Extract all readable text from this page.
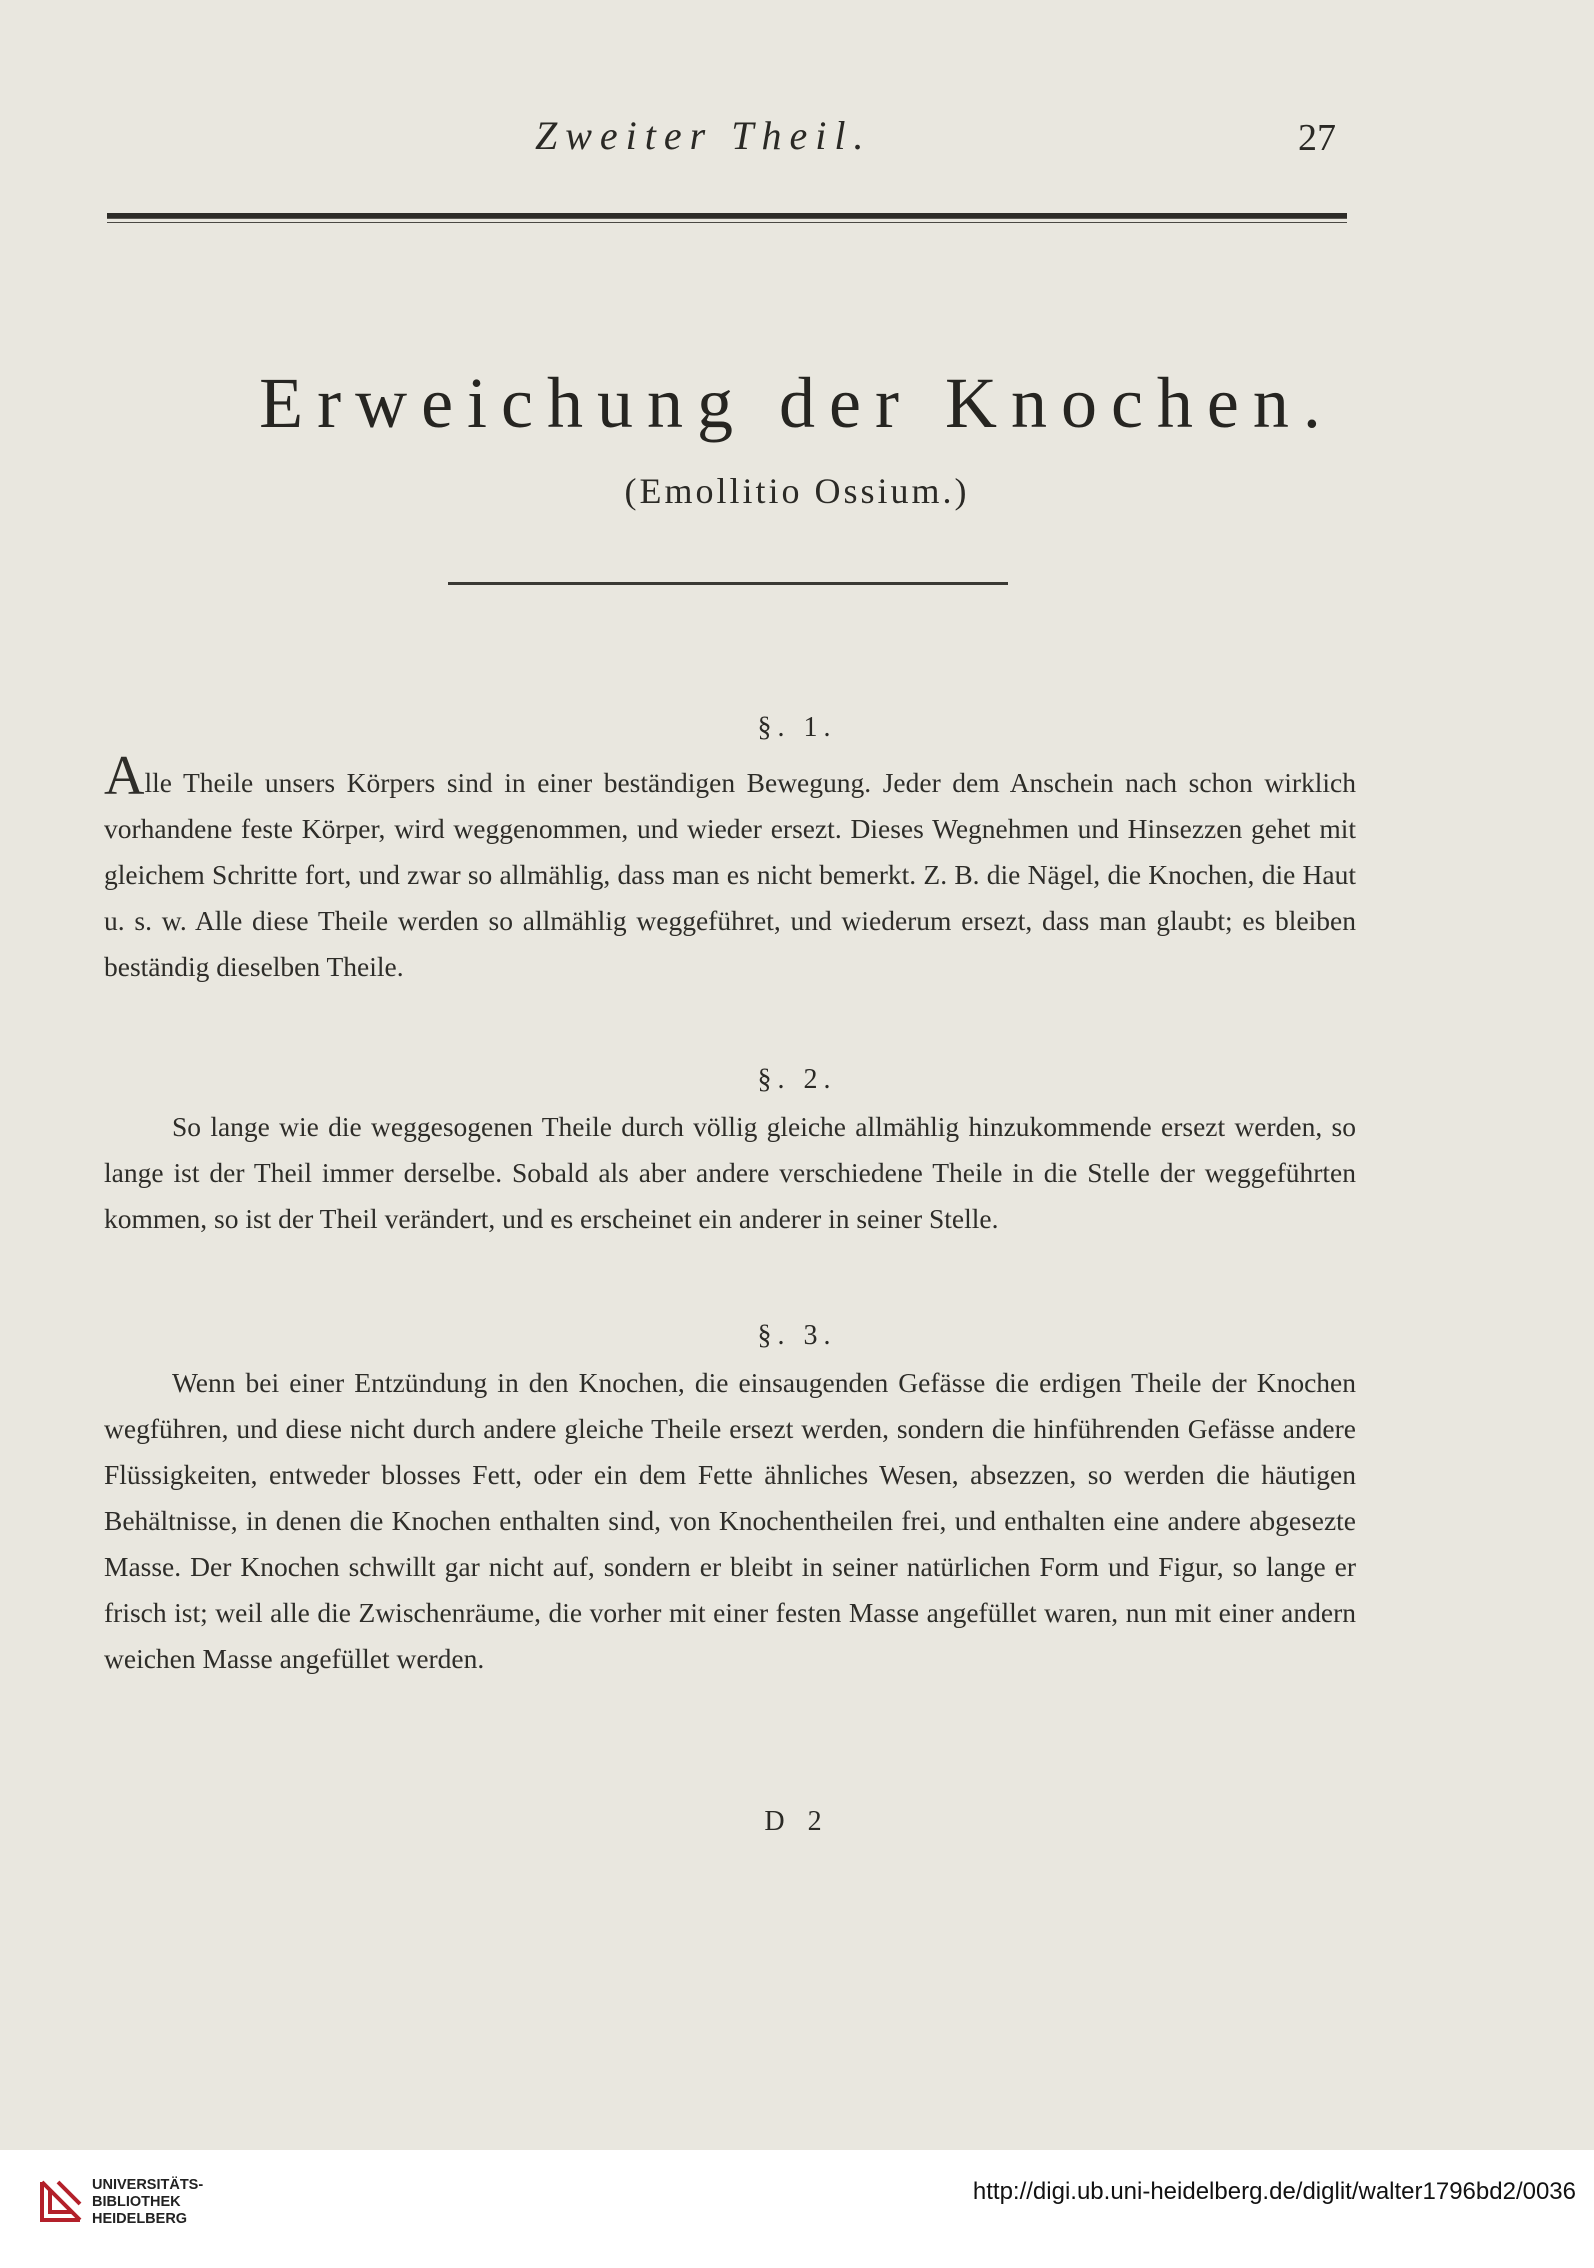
Zweiter Theil.	27
Erweichung der Knochen.
(Emollitio Ossium.)
§. 1.
Alle Theile unsers Körpers sind in einer beständigen Bewegung. Jeder dem Anschein nach schon wirklich vorhandene feste Körper, wird weggenommen, und wieder ersezt. Dieses Wegnehmen und Hinsezzen gehet mit gleichem Schritte fort, und zwar so allmählig, dass man es nicht bemerkt. Z. B. die Nägel, die Knochen, die Haut u. s. w. Alle diese Theile werden so allmählig weggeführet, und wiederum ersezt, dass man glaubt; es bleiben beständig dieselben Theile.
§. 2.
So lange wie die weggesogenen Theile durch völlig gleiche allmählig hinzukommende ersezt werden, so lange ist der Theil immer derselbe. Sobald als aber andere verschiedene Theile in die Stelle der weggeführten kommen, so ist der Theil verändert, und es erscheinet ein anderer in seiner Stelle.
§. 3.
Wenn bei einer Entzündung in den Knochen, die einsaugenden Gefässe die erdigen Theile der Knochen wegführen, und diese nicht durch andere gleiche Theile ersezt werden, sondern die hinführenden Gefässe andere Flüssigkeiten, entweder blosses Fett, oder ein dem Fette ähnliches Wesen, absezzen, so werden die häutigen Behältnisse, in denen die Knochen enthalten sind, von Knochentheilen frei, und enthalten eine andere abgesezte Masse. Der Knochen schwillt gar nicht auf, sondern er bleibt in seiner natürlichen Form und Figur, so lange er frisch ist; weil alle die Zwischenräume, die vorher mit einer festen Masse angefüllet waren, nun mit einer andern weichen Masse angefüllet werden.
D 2
UNIVERSITÄTS-
BIBLIOTHEK
HEIDELBERG
http://digi.ub.uni-heidelberg.de/diglit/walter1796bd2/0036
